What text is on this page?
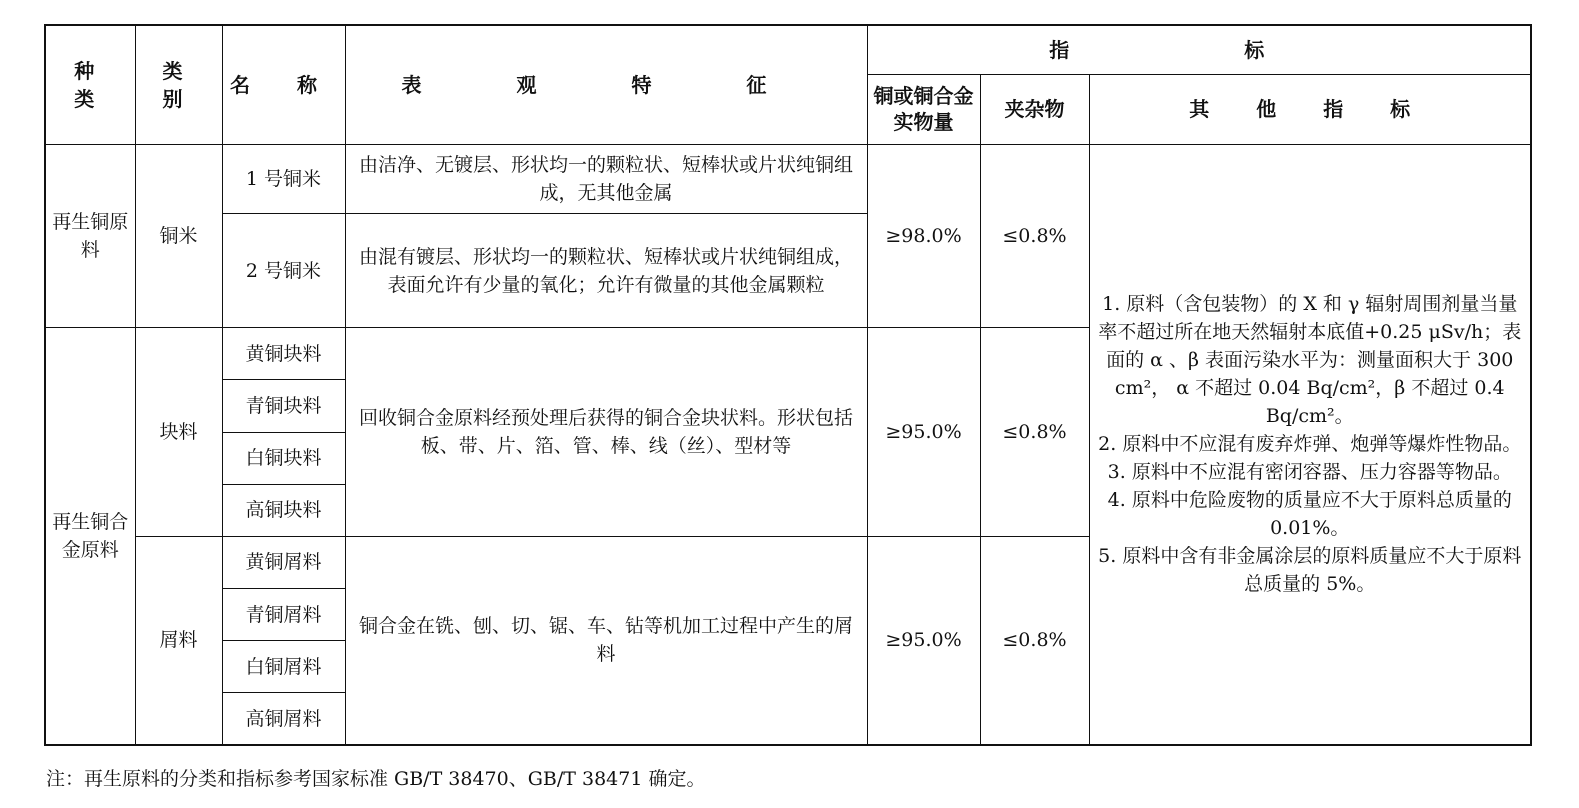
种 类	类 别	名 称	表 观 特 征	指 标		
				铜或铜合金实物量	夹杂物	其 他 指 标
再生铜原料	铜米	1 号铜米	由洁净、无镀层、形状均一的颗粒状、短棒状或片状纯铜组成，无其他金属	≥98.0%	≤0.8%	1. 原料（含包装物）的 X 和 γ 辐射周围剂量当量率不超过所在地天然辐射本底值+0.25 μSv/h；表面的 α 、β 表面污染水平为：测量面积大于 300 cm²， α 不超过 0.04 Bq/cm²，β 不超过 0.4 Bq/cm²。
2. 原料中不应混有废弃炸弹、炮弹等爆炸性物品。
3. 原料中不应混有密闭容器、压力容器等物品。
4. 原料中危险废物的质量应不大于原料总质量的 0.01%。
5. 原料中含有非金属涂层的原料质量应不大于原料总质量的 5%。

		2 号铜米	由混有镀层、形状均一的颗粒状、短棒状或片状纯铜组成，表面允许有少量的氧化；允许有微量的其他金属颗粒			
再生铜合金原料	块料	黄铜块料	回收铜合金原料经预处理后获得的铜合金块状料。形状包括板、带、片、箔、管、棒、线（丝）、型材等	≥95.0%	≤0.8%	
		青铜块料				
		白铜块料				
		高铜块料				
	屑料	黄铜屑料	铜合金在铣、刨、切、锯、车、钻等机加工过程中产生的屑料	≥95.0%	≤0.8%	
		青铜屑料				
		白铜屑料				
		高铜屑料				
注：再生原料的分类和指标参考国家标准 GB/T 38470、GB/T 38471 确定。
